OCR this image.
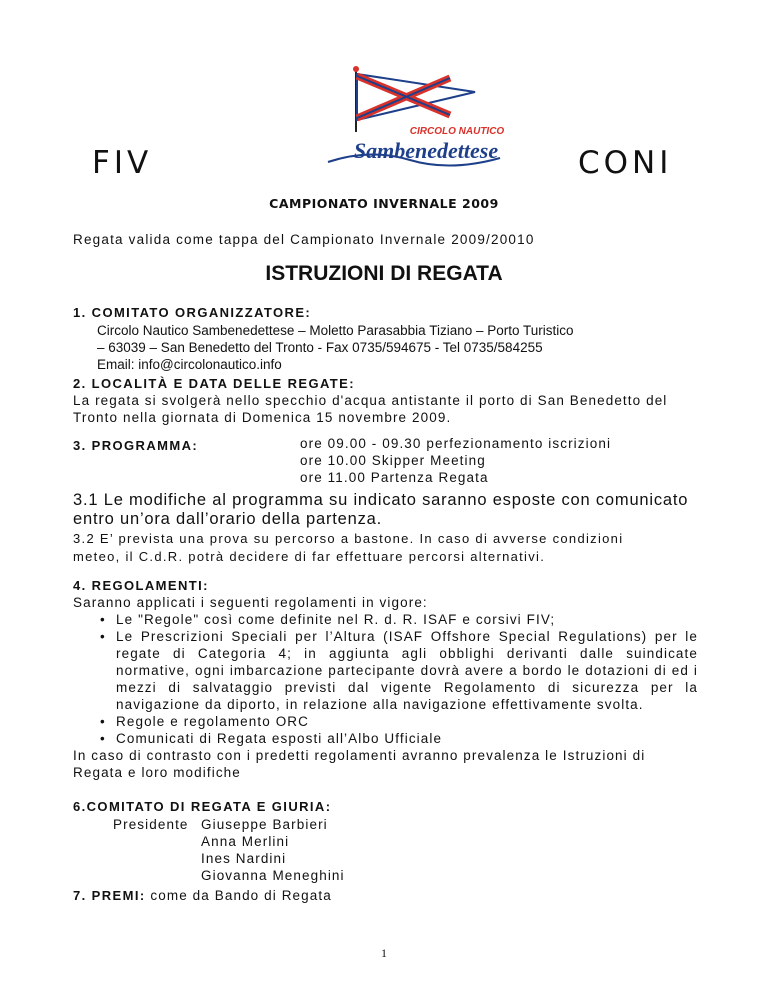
FIV
CIRCOLO NAUTICO
Sambenedettese	CONI
CAMPIONATO INVERNALE 2009
Regata valida come tappa del Campionato Invernale 2009/20010
ISTRUZIONI DI REGATA
1. COMITATO ORGANIZZATORE:
Circolo Nautico Sambenedettese – Moletto Parasabbia Tiziano – Porto Turistico
– 63039 – San Benedetto del Tronto - Fax 0735/594675 - Tel 0735/584255
Email: info@circolonautico.info
2. LOCALITÀ E DATA DELLE REGATE:
La regata si svolgerà nello specchio d'acqua antistante il porto di San Benedetto del
Tronto nella giornata di Domenica 15 novembre 2009.
3. PROGRAMMA:	ore 09.00 - 09.30 perfezionamento iscrizioni
ore 10.00 Skipper Meeting
ore 11.00 Partenza Regata
3.1 Le modifiche al programma su indicato saranno esposte con comunicato
entro un’ora dall’orario della partenza.
3.2 E’ prevista una prova su percorso a bastone. In caso di avverse condizioni
meteo, il C.d.R. potrà decidere di far effettuare percorsi alternativi.
4. REGOLAMENTI:
Saranno applicati i seguenti regolamenti in vigore:
• Le "Regole" così come definite nel R. d. R. ISAF e corsivi FIV;
• Le Prescrizioni Speciali per l’Altura (ISAF Offshore Special Regulations) per le regate di Categoria 4; in aggiunta agli obblighi derivanti dalle suindicate normative, ogni imbarcazione partecipante dovrà avere a bordo le dotazioni di ed i mezzi di salvataggio previsti dal vigente Regolamento di sicurezza per la navigazione da diporto, in relazione alla navigazione effettivamente svolta.
• Regole e regolamento ORC
• Comunicati di Regata esposti all’Albo Ufficiale
In caso di contrasto con i predetti regolamenti avranno prevalenza le Istruzioni di
Regata e loro modifiche
6.COMITATO DI REGATA E GIURIA:
Presidente Giuseppe Barbieri
Anna Merlini
Ines Nardini
Giovanna Meneghini
7. PREMI: come da Bando di Regata
1
